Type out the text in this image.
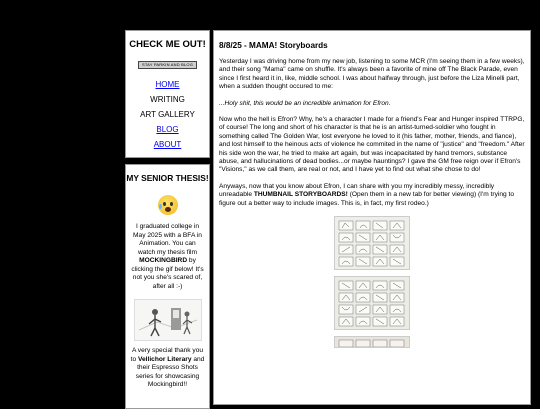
CHECK ME OUT!
STAY PARKIN AND BLOG
HOME
WRITING
ART GALLERY
BLOG
ABOUT
MY SENIOR THESIS!
I graduated college in May 2025 with a BFA in Animation. You can watch my thesis film MOCKINGBIRD by clicking the gif below! It's not you she's scared of, after all :-)
A very special thank you to Vellichor Literary and their Espresso Shots series for showcasing Mockingbird!!
8/8/25 - MAMA! Storyboards

Yesterday I was driving home from my new job, listening to some MCR (I'm seeing them in a few weeks), and their song "Mama" came on shuffle. It's always been a favorite of mine off The Black Parade, even since I first heard it in, like, middle school. I was about halfway through, just before the Liza Minelli part, when a sudden thought occured to me:

...Holy shit, this would be an incredible animation for Efron.

Now who the hell is Efron? Why, he's a character I made for a friend's Fear and Hunger inspired TTRPG, of course! The long and short of his character is that he is an artist-turned-soldier who fought in something called The Golden War, lost everyone he loved to it (his father, mother, friends, and fiance), and lost himself to the heinous acts of violence he commited in the name of "justice" and "freedom." After his side won the war, he tried to make art again, but was incapacitated by hand tremors, substance abuse, and hallucinations of dead bodies...or maybe hauntings? I gave the GM free reign over if Efron's "Visions," as we call them, are real or not, and I have yet to find out what she chose to do!

Anyways, now that you know about Efron, I can share with you my incredibly messy, incredibly unreadable THUMBNAIL STORYBOARDS! (Open them in a new tab for better viewing) (I'm trying to figure out a better way to include images. This is, in fact, my first rodeo.)
